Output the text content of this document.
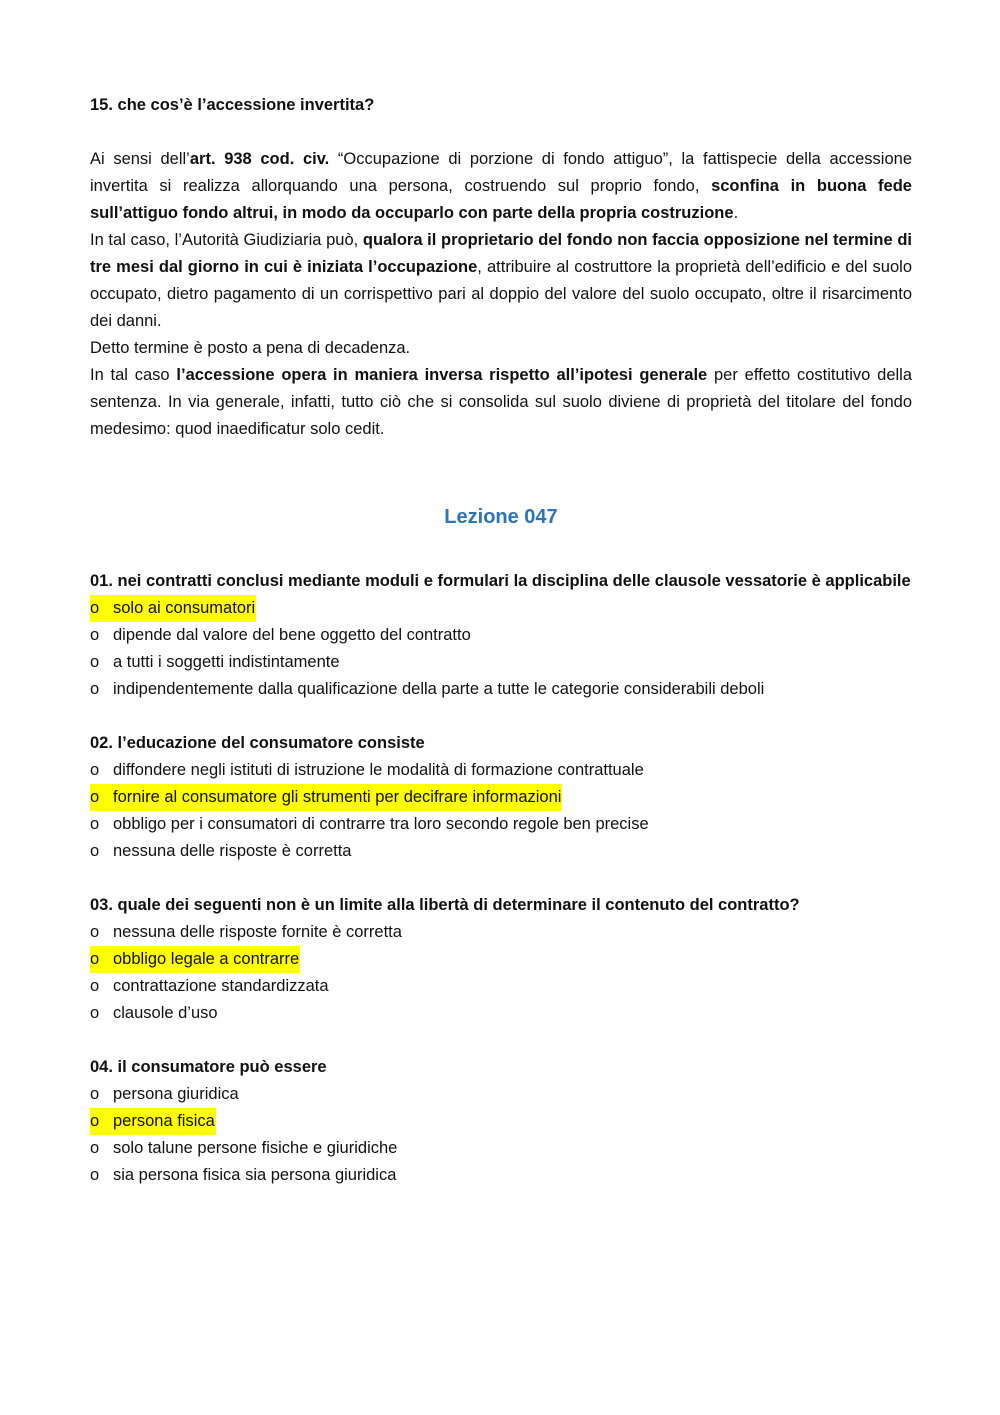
15. che cos’è l’accessione invertita?

Ai sensi dell’art. 938 cod. civ. “Occupazione di porzione di fondo attiguo”, la fattispecie della accessione invertita si realizza allorquando una persona, costruendo sul proprio fondo, sconfina in buona fede sull’attiguo fondo altrui, in modo da occuparlo con parte della propria costruzione.

In tal caso, l’Autorità Giudiziaria può, qualora il proprietario del fondo non faccia opposizione nel termine di tre mesi dal giorno in cui è iniziata l’occupazione, attribuire al costruttore la proprietà dell’edificio e del suolo occupato, dietro pagamento di un corrispettivo pari al doppio del valore del suolo occupato, oltre il risarcimento dei danni.

Detto termine è posto a pena di decadenza.

In tal caso l’accessione opera in maniera inversa rispetto all’ipotesi generale per effetto costitutivo della sentenza. In via generale, infatti, tutto ciò che si consolida sul suolo diviene di proprietà del titolare del fondo medesimo: quod inaedificatur solo cedit.

Lezione 047

01. nei contratti conclusi mediante moduli e formulari la disciplina delle clausole vessatorie è applicabile

o solo ai consumatori

o dipende dal valore del bene oggetto del contratto

o a tutti i soggetti indistintamente

o indipendentemente dalla qualificazione della parte a tutte le categorie considerabili deboli

02. l’educazione del consumatore consiste

o diffondere negli istituti di istruzione le modalità di formazione contrattuale

o fornire al consumatore gli strumenti per decifrare informazioni

o obbligo per i consumatori di contrarre tra loro secondo regole ben precise

o nessuna delle risposte è corretta

03. quale dei seguenti non è un limite alla libertà di determinare il contenuto del contratto?

o nessuna delle risposte fornite è corretta

o obbligo legale a contrarre

o contrattazione standardizzata

o clausole d’uso

04. il consumatore può essere

o persona giuridica

o persona fisica

o solo talune persone fisiche e giuridiche

o sia persona fisica sia persona giuridica
